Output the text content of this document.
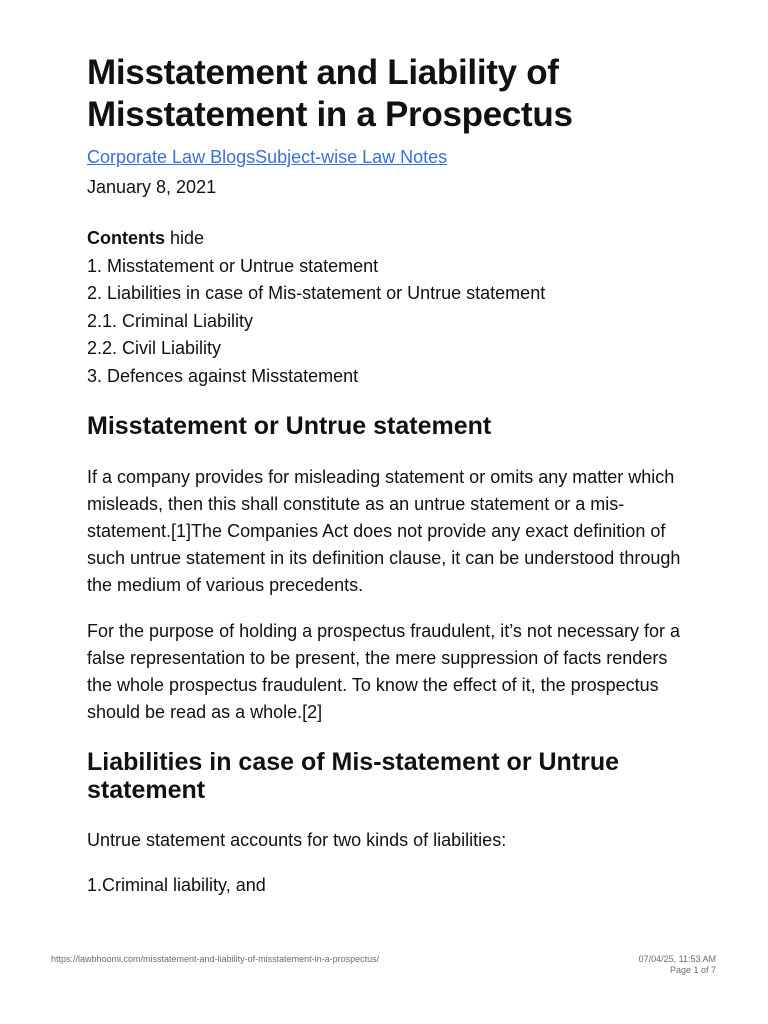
Misstatement and Liability of Misstatement in a Prospectus
Corporate Law BlogsSubject-wise Law Notes
January 8, 2021
Contents hide
1. Misstatement or Untrue statement
2. Liabilities in case of Mis-statement or Untrue statement
2.1. Criminal Liability
2.2. Civil Liability
3. Defences against Misstatement
Misstatement or Untrue statement

If a company provides for misleading statement or omits any matter which misleads, then this shall constitute as an untrue statement or a mis-statement.[1]The Companies Act does not provide any exact definition of such untrue statement in its definition clause, it can be understood through the medium of various precedents.

For the purpose of holding a prospectus fraudulent, it’s not necessary for a false representation to be present, the mere suppression of facts renders the whole prospectus fraudulent. To know the effect of it, the prospectus should be read as a whole.[2]

Liabilities in case of Mis-statement or Untrue statement

Untrue statement accounts for two kinds of liabilities:

1.Criminal liability, and

https://lawbhoomi.com/misstatement-and-liability-of-misstatement-in-a-prospectus/	07/04/25, 11:53 AM
Page 1 of 7
